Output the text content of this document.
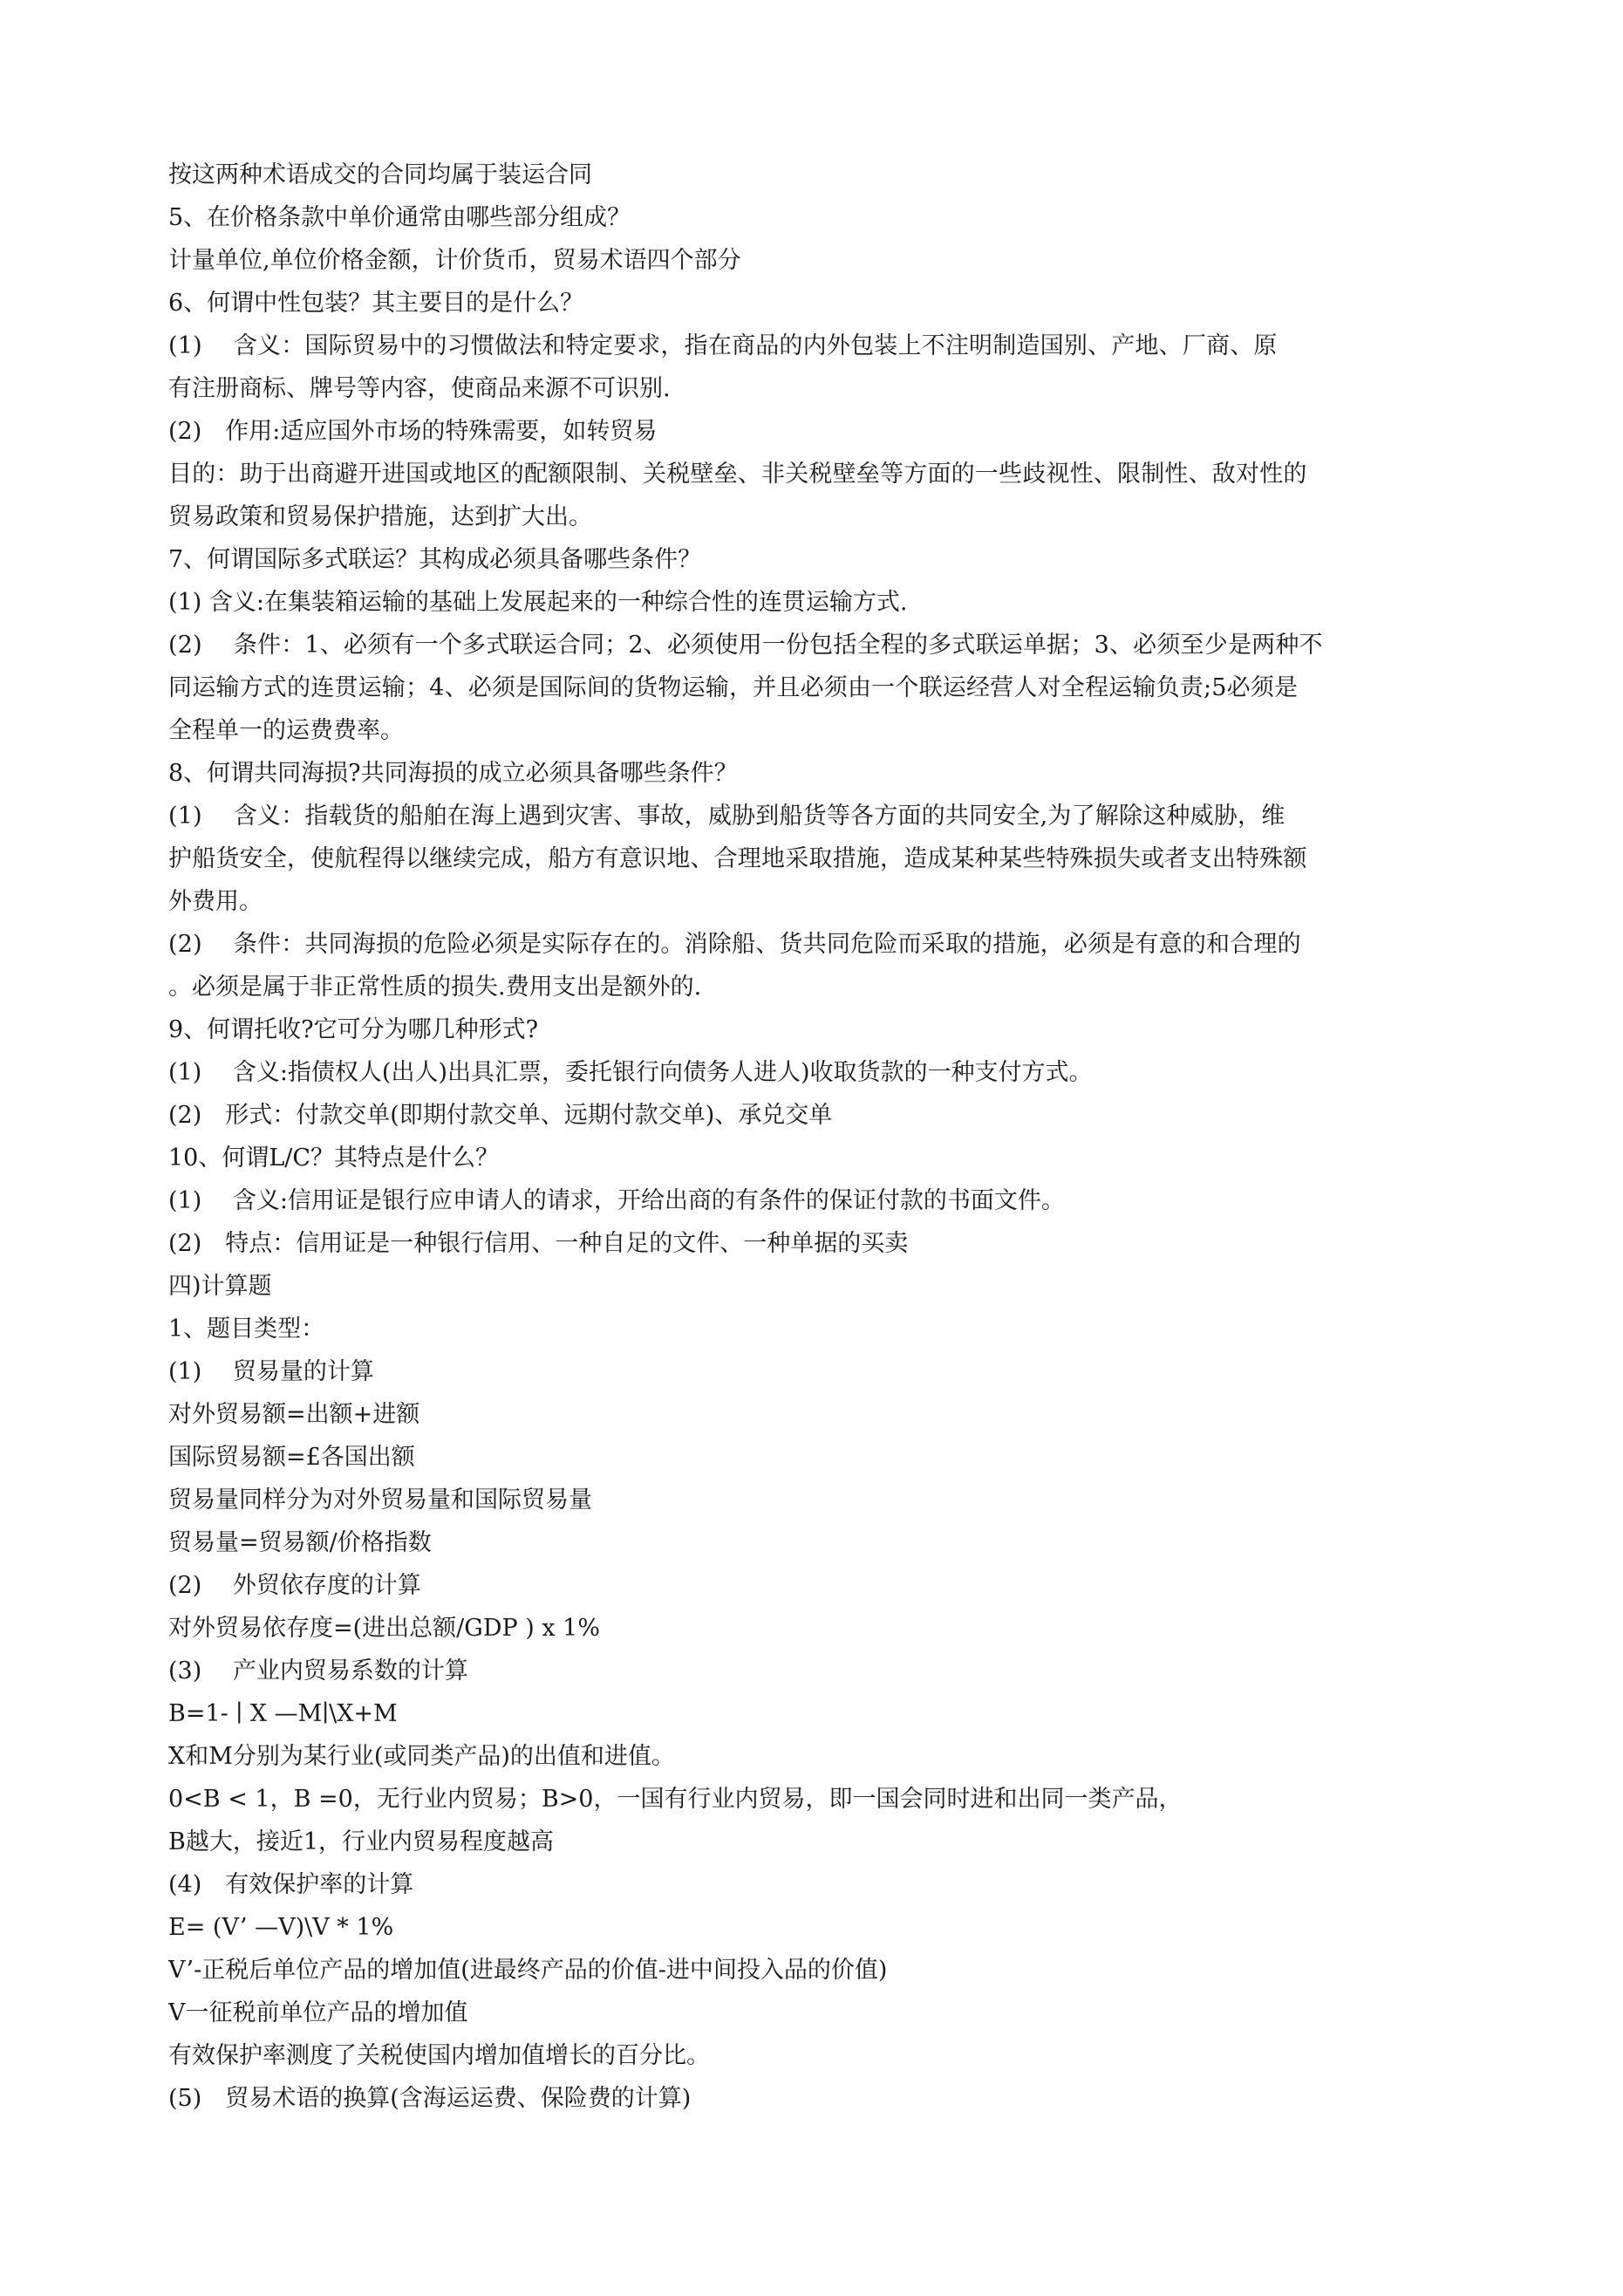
按这两种术语成交的合同均属于装运合同
5、在价格条款中单价通常由哪些部分组成？
计量单位,单位价格金额，计价货币，贸易术语四个部分
6、何谓中性包装？其主要目的是什么？
(1)　 含义：国际贸易中的习惯做法和特定要求，指在商品的内外包装上不注明制造国别、产地、厂商、原
有注册商标、牌号等内容，使商品来源不可识别.
(2)　作用:适应国外市场的特殊需要，如转贸易
目的：助于出商避开进国或地区的配额限制、关税壁垒、非关税壁垒等方面的一些歧视性、限制性、敌对性的
贸易政策和贸易保护措施，达到扩大出。
7、何谓国际多式联运？其构成必须具备哪些条件？
(1) 含义:在集装箱运输的基础上发展起来的一种综合性的连贯运输方式.
(2)　 条件：1、必须有一个多式联运合同；2、必须使用一份包括全程的多式联运单据；3、必须至少是两种不
同运输方式的连贯运输；4、必须是国际间的货物运输，并且必须由一个联运经营人对全程运输负责;5必须是
全程单一的运费费率。
8、何谓共同海损?共同海损的成立必须具备哪些条件？
(1)　 含义：指载货的船舶在海上遇到灾害、事故，威胁到船货等各方面的共同安全,为了解除这种威胁，维
护船货安全，使航程得以继续完成，船方有意识地、合理地采取措施，造成某种某些特殊损失或者支出特殊额
外费用。
(2)　 条件：共同海损的危险必须是实际存在的。消除船、货共同危险而采取的措施，必须是有意的和合理的
。必须是属于非正常性质的损失.费用支出是额外的.
9、何谓托收?它可分为哪几种形式?
(1)　 含义:指债权人(出人)出具汇票，委托银行向债务人进人)收取货款的一种支付方式。
(2)　形式：付款交单(即期付款交单、远期付款交单)、承兑交单
10、何谓L/C？其特点是什么？
(1)　 含义:信用证是银行应申请人的请求，开给出商的有条件的保证付款的书面文件。
(2)　特点：信用证是一种银行信用、一种自足的文件、一种单据的买卖
四)计算题
1、题目类型：
(1)　 贸易量的计算
对外贸易额=出额+进额
国际贸易额=£各国出额
贸易量同样分为对外贸易量和国际贸易量
贸易量=贸易额/价格指数
(2)　 外贸依存度的计算
对外贸易依存度=(进出总额/GDP ) x 1%
(3)　 产业内贸易系数的计算
B=1- ∣ X —M∣\X+M
X和M分别为某行业(或同类产品)的出值和进值。
0<B < 1，B =0，无行业内贸易；B>0，一国有行业内贸易，即一国会同时进和出同一类产品，
B越大，接近1，行业内贸易程度越高
(4)　有效保护率的计算
E= (V’ —V)\V * 1%
V’-正税后单位产品的增加值(进最终产品的价值-进中间投入品的价值)
V一征税前单位产品的增加值
有效保护率测度了关税使国内增加值增长的百分比。
(5)　贸易术语的换算(含海运运费、保险费的计算)
